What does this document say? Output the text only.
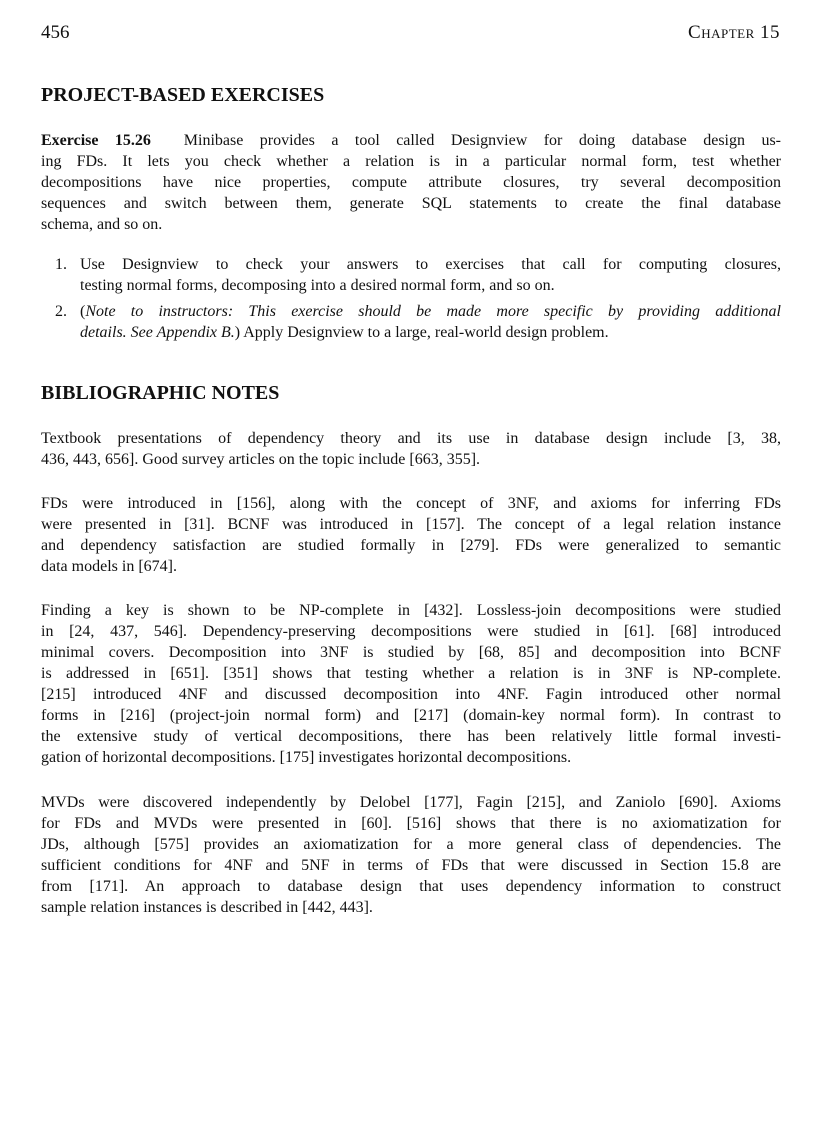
456	Chapter 15
PROJECT-BASED EXERCISES
Exercise 15.26 Minibase provides a tool called Designview for doing database design us-
ing FDs. It lets you check whether a relation is in a particular normal form, test whether
decompositions have nice properties, compute attribute closures, try several decomposition
sequences and switch between them, generate SQL statements to create the final database
schema, and so on.
1. Use Designview to check your answers to exercises that call for computing closures,
testing normal forms, decomposing into a desired normal form, and so on.
2. (Note to instructors: This exercise should be made more specific by providing additional
details. See Appendix B.) Apply Designview to a large, real-world design problem.
BIBLIOGRAPHIC NOTES
Textbook presentations of dependency theory and its use in database design include [3, 38,
436, 443, 656]. Good survey articles on the topic include [663, 355].
FDs were introduced in [156], along with the concept of 3NF, and axioms for inferring FDs
were presented in [31]. BCNF was introduced in [157]. The concept of a legal relation instance
and dependency satisfaction are studied formally in [279]. FDs were generalized to semantic
data models in [674].
Finding a key is shown to be NP-complete in [432]. Lossless-join decompositions were studied
in [24, 437, 546]. Dependency-preserving decompositions were studied in [61]. [68] introduced
minimal covers. Decomposition into 3NF is studied by [68, 85] and decomposition into BCNF
is addressed in [651]. [351] shows that testing whether a relation is in 3NF is NP-complete.
[215] introduced 4NF and discussed decomposition into 4NF. Fagin introduced other normal
forms in [216] (project-join normal form) and [217] (domain-key normal form). In contrast to
the extensive study of vertical decompositions, there has been relatively little formal investi-
gation of horizontal decompositions. [175] investigates horizontal decompositions.
MVDs were discovered independently by Delobel [177], Fagin [215], and Zaniolo [690]. Axioms
for FDs and MVDs were presented in [60]. [516] shows that there is no axiomatization for
JDs, although [575] provides an axiomatization for a more general class of dependencies. The
sufficient conditions for 4NF and 5NF in terms of FDs that were discussed in Section 15.8 are
from [171]. An approach to database design that uses dependency information to construct
sample relation instances is described in [442, 443].
